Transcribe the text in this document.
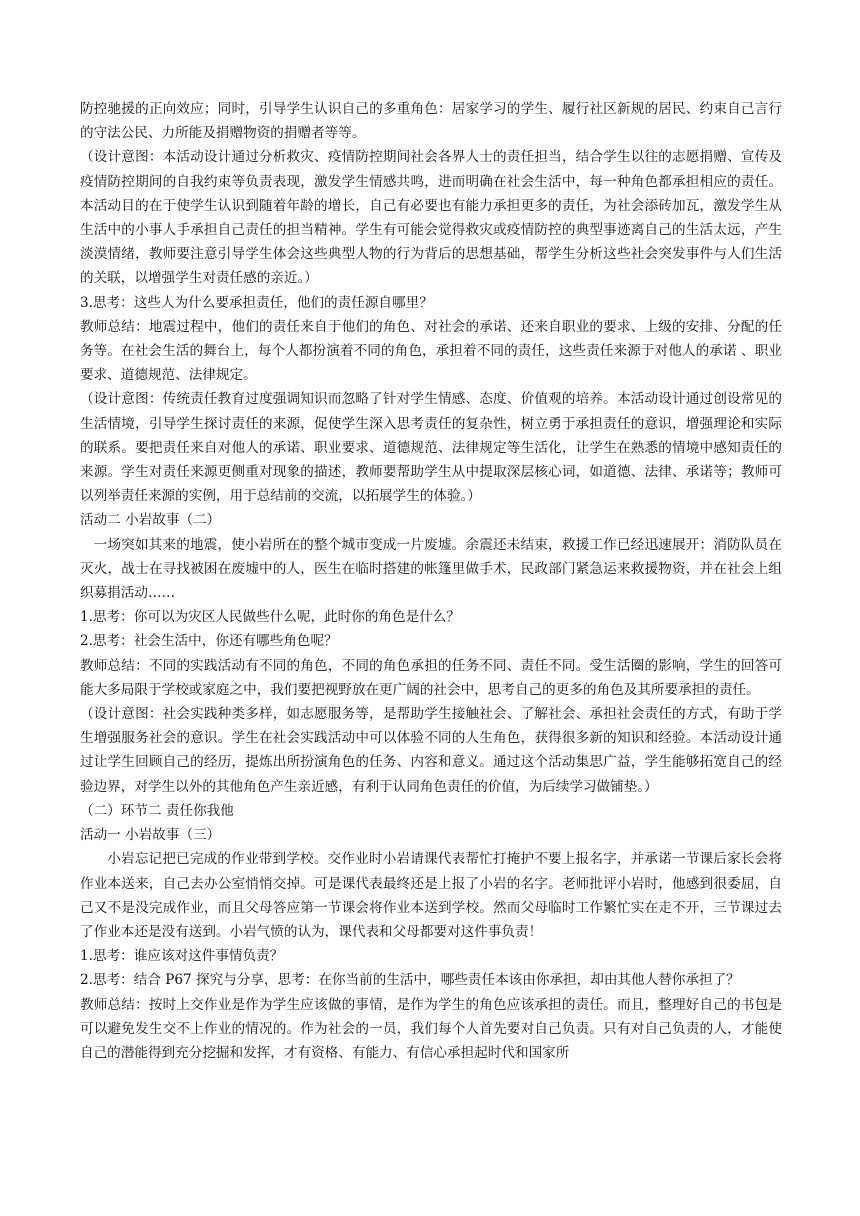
防控驰援的正向效应；同时，引导学生认识自己的多重角色：居家学习的学生、履行社区新规的居民、约束自己言行的守法公民、力所能及捐赠物资的捐赠者等等。

（设计意图：本活动设计通过分析救灾、疫情防控期间社会各界人士的责任担当，结合学生以往的志愿捐赠、宣传及疫情防控期间的自我约束等负责表现，激发学生情感共鸣，进而明确在社会生活中，每一种角色都承担相应的责任。本活动目的在于使学生认识到随着年龄的增长，自己有必要也有能力承担更多的责任，为社会添砖加瓦，激发学生从生活中的小事人手承担自己责任的担当精神。学生有可能会觉得救灾或疫情防控的典型事迹离自己的生活太远，产生淡漠情绪，教师要注意引导学生体会这些典型人物的行为背后的思想基础，帮学生分析这些社会突发事件与人们生活的关联，以增强学生对责任感的亲近。）

3.思考：这些人为什么要承担责任，他们的责任源自哪里？

教师总结：地震过程中，他们的责任来自于他们的角色、对社会的承诺、还来自职业的要求、上级的安排、分配的任务等。在社会生活的舞台上，每个人都扮演着不同的角色，承担着不同的责任，这些责任来源于对他人的承诺 、职业要求、道德规范、法律规定。

（设计意图：传统责任教育过度强调知识而忽略了针对学生情感、态度、价值观的培养。本活动设计通过创设常见的生活情境，引导学生探讨责任的来源，促使学生深入思考责任的复杂性，树立勇于承担责任的意识，增强理论和实际的联系。要把责任来自对他人的承诺、职业要求、道德规范、法律规定等生活化，让学生在熟悉的情境中感知责任的来源。学生对责任来源更侧重对现象的描述，教师要帮助学生从中提取深层核心词，如道德、法律、承诺等；教师可以列举责任来源的实例，用于总结前的交流，以拓展学生的体验。）

活动二 小岩故事（二）

一场突如其来的地震，使小岩所在的整个城市变成一片废墟。余震还未结束，救援工作已经迅速展开：消防队员在灭火，战士在寻找被困在废墟中的人，医生在临时搭建的帐篷里做手术，民政部门紧急运来救援物资，并在社会上组织募捐活动……

1.思考：你可以为灾区人民做些什么呢，此时你的角色是什么？

2.思考：社会生活中，你还有哪些角色呢？

教师总结：不同的实践活动有不同的角色，不同的角色承担的任务不同、责任不同。受生活圈的影响，学生的回答可能大多局限于学校或家庭之中，我们要把视野放在更广阔的社会中，思考自己的更多的角色及其所要承担的责任。

（设计意图：社会实践种类多样，如志愿服务等，是帮助学生接触社会、了解社会、承担社会责任的方式，有助于学生增强服务社会的意识。学生在社会实践活动中可以体验不同的人生角色，获得很多新的知识和经验。本活动设计通过让学生回顾自己的经历，提炼出所扮演角色的任务、内容和意义。通过这个活动集思广益，学生能够拓宽自己的经验边界，对学生以外的其他角色产生亲近感，有利于认同角色责任的价值，为后续学习做铺垫。）

（二）环节二 责任你我他

活动一 小岩故事（三）

小岩忘记把已完成的作业带到学校。交作业时小岩请课代表帮忙打掩护不要上报名字，并承诺一节课后家长会将作业本送来，自己去办公室悄悄交掉。可是课代表最终还是上报了小岩的名字。老师批评小岩时，他感到很委屈，自己又不是没完成作业，而且父母答应第一节课会将作业本送到学校。然而父母临时工作繁忙实在走不开，三节课过去了作业本还是没有送到。小岩气愤的认为，课代表和父母都要对这件事负责！

1.思考：谁应该对这件事情负责？

2.思考：结合 P67 探究与分享，思考：在你当前的生活中，哪些责任本该由你承担，却由其他人替你承担了？

教师总结：按时上交作业是作为学生应该做的事情，是作为学生的角色应该承担的责任。而且，整理好自己的书包是可以避免发生交不上作业的情况的。作为社会的一员，我们每个人首先要对自己负责。只有对自己负责的人，才能使自己的潜能得到充分挖掘和发挥，才有资格、有能力、有信心承担起时代和国家所
